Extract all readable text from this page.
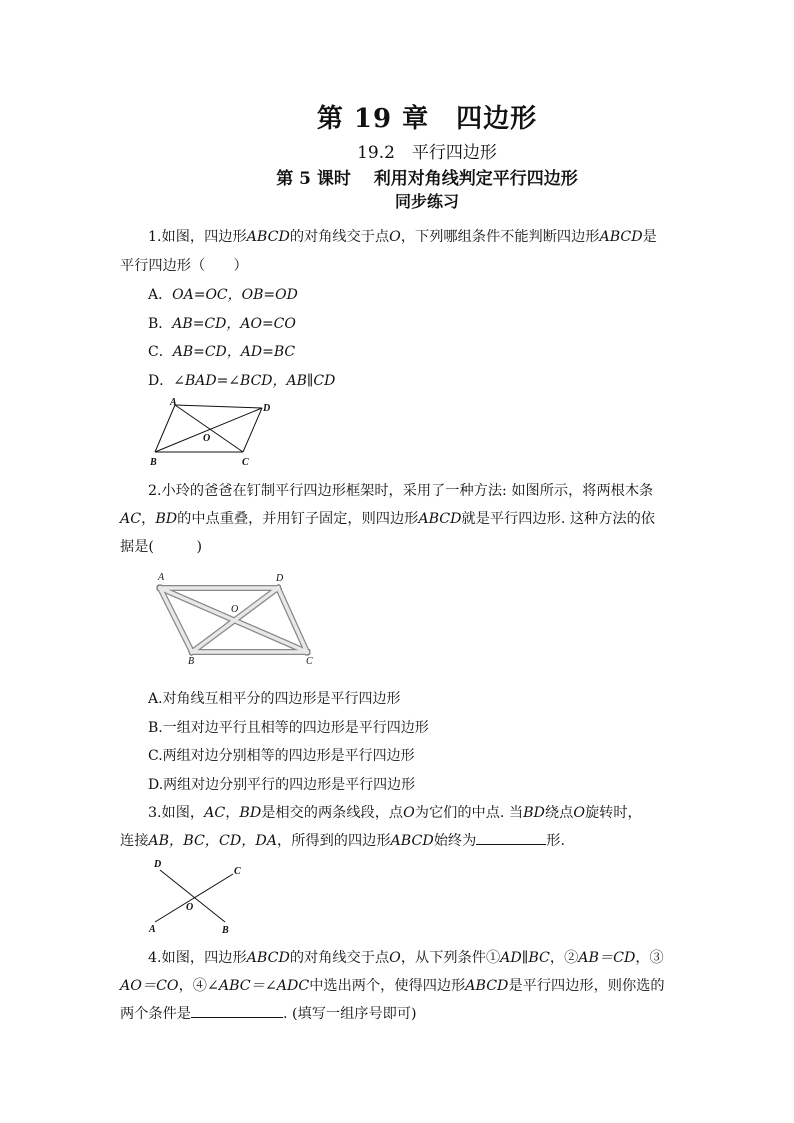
第 19 章　四边形
19.2　平行四边形
第 5 课时　 利用对角线判定平行四边形
同步练习
1.如图，四边形ABCD的对角线交于点O，下列哪组条件不能判断四边形ABCD是
平行四边形（　　）
A．OA=OC，OB=OD
B．AB=CD，AO=CO
C．AB=CD，AD=BC
D．∠BAD=∠BCD，AB∥CD
A
D
B	C
O
2.小玲的爸爸在钉制平行四边形框架时，采用了一种方法: 如图所示，将两根木条
AC，BD的中点重叠，并用钉子固定，则四边形ABCD就是平行四边形. 这种方法的依
据是(　　　)
A	D
B	C
O
A.对角线互相平分的四边形是平行四边形
B.一组对边平行且相等的四边形是平行四边形
C.两组对边分别相等的四边形是平行四边形
D.两组对边分别平行的四边形是平行四边形
3.如图，AC，BD是相交的两条线段，点O为它们的中点. 当BD绕点O旋转时，
连接AB，BC，CD，DA，所得到的四边形ABCD始终为	形.
D
C
O
A	B
4.如图，四边形ABCD的对角线交于点O，从下列条件①AD∥BC，②AB＝CD，③
AO＝CO，④∠ABC＝∠ADC中选出两个，使得四边形ABCD是平行四边形，则你选的
两个条件是	. (填写一组序号即可)
